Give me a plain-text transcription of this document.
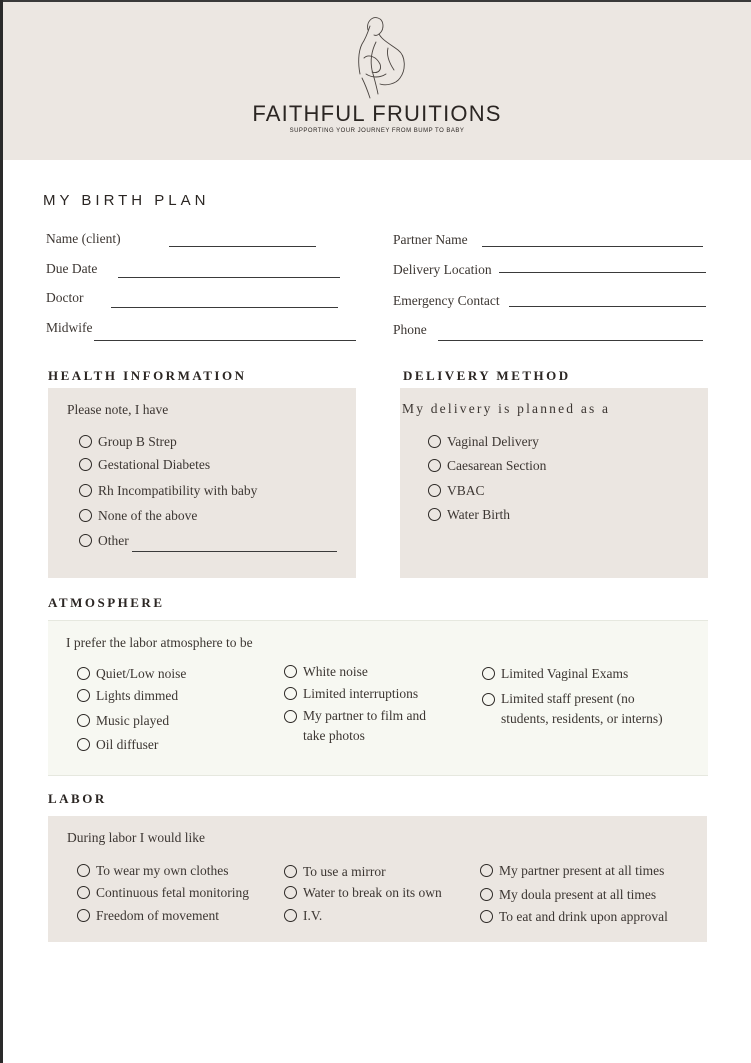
FAITHFUL FRUITIONS
SUPPORTING YOUR JOURNEY FROM BUMP TO BABY
MY BIRTH PLAN
Name (client)
Due Date
Doctor
Midwife
Partner Name
Delivery Location
Emergency Contact
Phone
HEALTH INFORMATION
Please note, I have
Group B Strep
Gestational Diabetes
Rh Incompatibility with baby
None of the above
Other
DELIVERY METHOD
My delivery is planned as a
Vaginal Delivery
Caesarean Section
VBAC
Water Birth
ATMOSPHERE
I prefer the labor atmosphere to be
Quiet/Low noise
Lights dimmed
Music played
Oil diffuser
White noise
Limited interruptions
My partner to film and take photos
Limited Vaginal Exams
Limited staff present (no students, residents, or interns)
LABOR
During labor I would like
To wear my own clothes
Continuous fetal monitoring
Freedom of movement
To use a mirror
Water to break on its own
I.V.
My partner present at all times
My doula present at all times
To eat and drink upon approval
